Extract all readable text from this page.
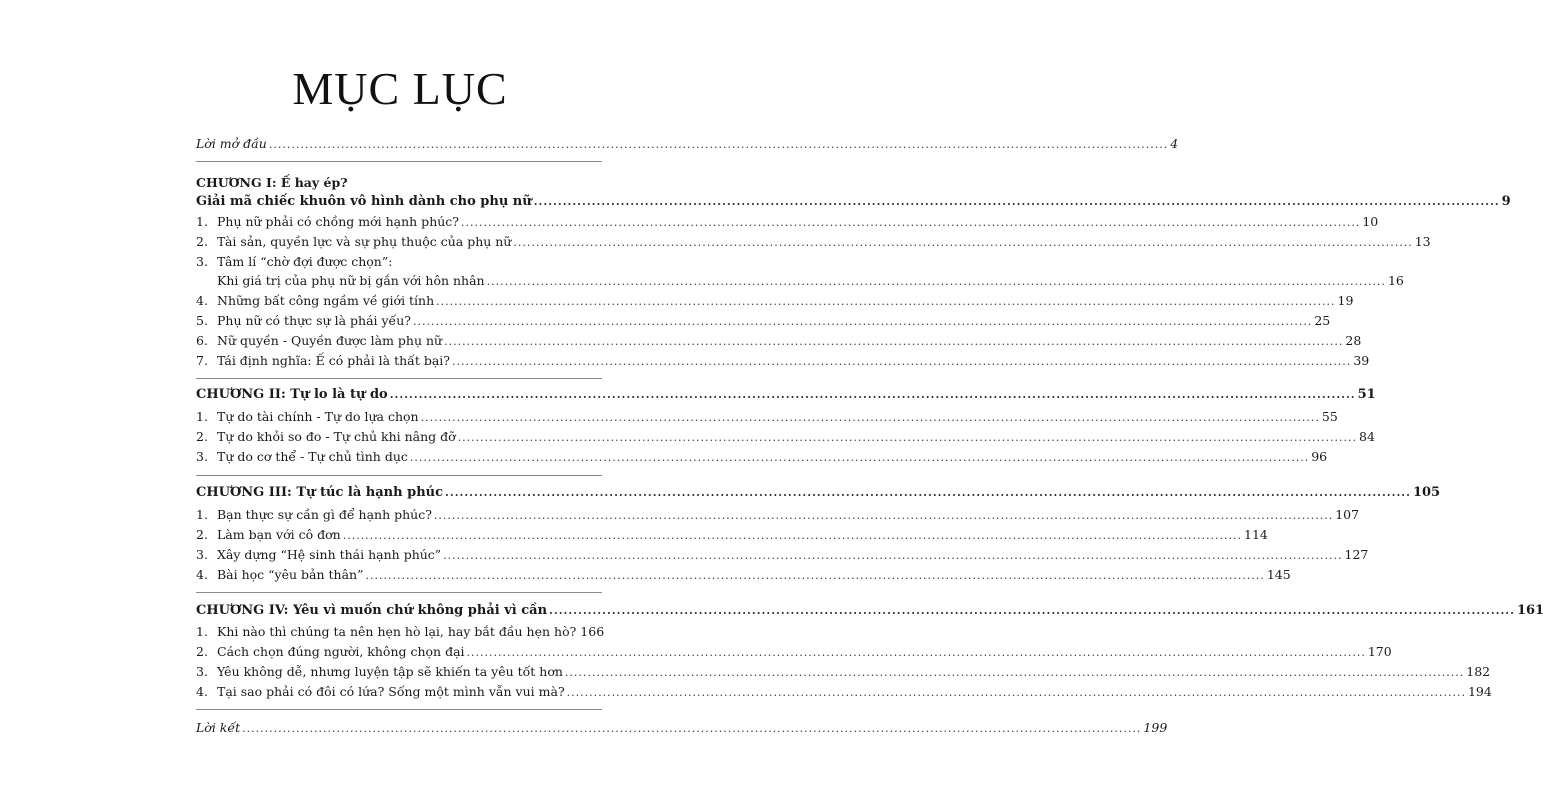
MỤC LỤC
Lời mở đầu ........................................................................................................................................................................................................ 4
CHƯƠNG I: Ế hay ép?
Giải mã chiếc khuôn vô hình dành cho phụ nữ ........................................................................................................................................................................................................ 9
1. Phụ nữ phải có chồng mới hạnh phúc? ........................................................................................................................................................................................................ 10
2. Tài sản, quyền lực và sự phụ thuộc của phụ nữ ........................................................................................................................................................................................................ 13
3. Tâm lí “chờ đợi được chọn”:
Khi giá trị của phụ nữ bị gắn với hôn nhân ........................................................................................................................................................................................................ 16
4. Những bất công ngầm về giới tính ........................................................................................................................................................................................................ 19
5. Phụ nữ có thực sự là phái yếu? ........................................................................................................................................................................................................ 25
6. Nữ quyền - Quyền được làm phụ nữ ........................................................................................................................................................................................................ 28
7. Tái định nghĩa: Ế có phải là thất bại? ........................................................................................................................................................................................................ 39
CHƯƠNG II: Tự lo là tự do ........................................................................................................................................................................................................ 51
1. Tự do tài chính - Tự do lựa chọn ........................................................................................................................................................................................................ 55
2. Tự do khỏi so đo - Tự chủ khi nâng đỡ ........................................................................................................................................................................................................ 84
3. Tự do cơ thể - Tự chủ tình dục ........................................................................................................................................................................................................ 96
CHƯƠNG III: Tự túc là hạnh phúc ........................................................................................................................................................................................................ 105
1. Bạn thực sự cần gì để hạnh phúc? ........................................................................................................................................................................................................ 107
2. Làm bạn với cô đơn ........................................................................................................................................................................................................ 114
3. Xây dựng “Hệ sinh thái hạnh phúc” ........................................................................................................................................................................................................ 127
4. Bài học “yêu bản thân” ........................................................................................................................................................................................................ 145
CHƯƠNG IV: Yêu vì muốn chứ không phải vì cần ........................................................................................................................................................................................................ 161
1. Khi nào thì chúng ta nên hẹn hò lại, hay bắt đầu hẹn hò? 166
2. Cách chọn đúng người, không chọn đại ........................................................................................................................................................................................................ 170
3. Yêu không dễ, nhưng luyện tập sẽ khiến ta yêu tốt hơn ........................................................................................................................................................................................................ 182
4. Tại sao phải có đôi có lứa? Sống một mình vẫn vui mà? ........................................................................................................................................................................................................ 194
Lời kết ........................................................................................................................................................................................................ 199
